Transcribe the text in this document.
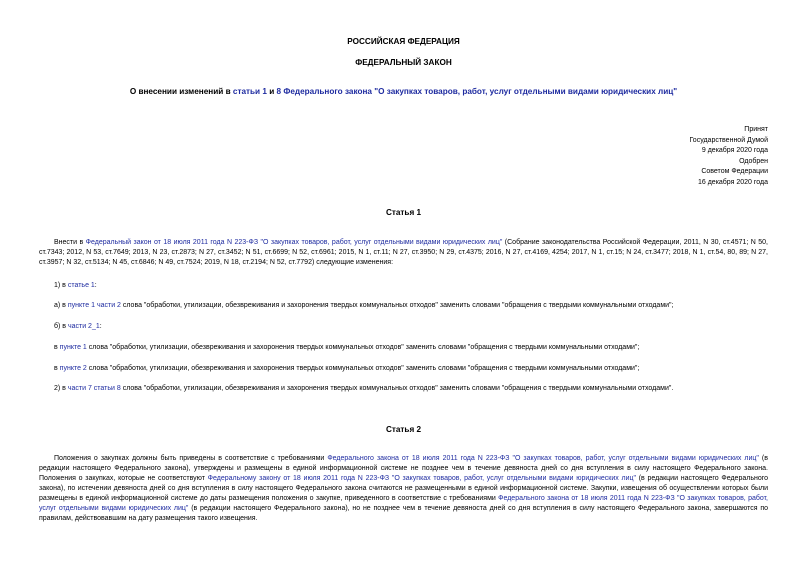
РОССИЙСКАЯ ФЕДЕРАЦИЯ
ФЕДЕРАЛЬНЫЙ ЗАКОН
О внесении изменений в статьи 1 и 8 Федерального закона "О закупках товаров, работ, услуг отдельными видами юридических лиц"
Принят
Государственной Думой
9 декабря 2020 года
Одобрен
Советом Федерации
16 декабря 2020 года
Статья 1
Внести в Федеральный закон от 18 июля 2011 года N 223-ФЗ "О закупках товаров, работ, услуг отдельными видами юридических лиц" (Собрание законодательства Российской Федерации, 2011, N 30, ст.4571; N 50, ст.7343; 2012, N 53, ст.7649; 2013, N 23, ст.2873; N 27, ст.3452; N 51, ст.6699; N 52, ст.6961; 2015, N 1, ст.11; N 27, ст.3950; N 29, ст.4375; 2016, N 27, ст.4169, 4254; 2017, N 1, ст.15; N 24, ст.3477; 2018, N 1, ст.54, 80, 89; N 27, ст.3957; N 32, ст.5134; N 45, ст.6846; N 49, ст.7524; 2019, N 18, ст.2194; N 52, ст.7792) следующие изменения:
1) в статье 1:
а) в пункте 1 части 2 слова "обработки, утилизации, обезвреживания и захоронения твердых коммунальных отходов" заменить словами "обращения с твердыми коммунальными отходами";
б) в части 2_1:
в пункте 1 слова "обработки, утилизации, обезвреживания и захоронения твердых коммунальных отходов" заменить словами "обращения с твердыми коммунальными отходами";
в пункте 2 слова "обработки, утилизации, обезвреживания и захоронения твердых коммунальных отходов" заменить словами "обращения с твердыми коммунальными отходами";
2) в части 7 статьи 8 слова "обработки, утилизации, обезвреживания и захоронения твердых коммунальных отходов" заменить словами "обращения с твердыми коммунальными отходами".
Статья 2
Положения о закупках должны быть приведены в соответствие с требованиями Федерального закона от 18 июля 2011 года N 223-ФЗ "О закупках товаров, работ, услуг отдельными видами юридических лиц" (в редакции настоящего Федерального закона), утверждены и размещены в единой информационной системе не позднее чем в течение девяноста дней со дня вступления в силу настоящего Федерального закона. Положения о закупках, которые не соответствуют Федеральному закону от 18 июля 2011 года N 223-ФЗ "О закупках товаров, работ, услуг отдельными видами юридических лиц" (в редакции настоящего Федерального закона), по истечении девяноста дней со дня вступления в силу настоящего Федерального закона считаются не размещенными в единой информационной системе. Закупки, извещения об осуществлении которых были размещены в единой информационной системе до даты размещения положения о закупке, приведенного в соответствие с требованиями Федерального закона от 18 июля 2011 года N 223-ФЗ "О закупках товаров, работ, услуг отдельными видами юридических лиц" (в редакции настоящего Федерального закона), но не позднее чем в течение девяноста дней со дня вступления в силу настоящего Федерального закона, завершаются по правилам, действовавшим на дату размещения такого извещения.
